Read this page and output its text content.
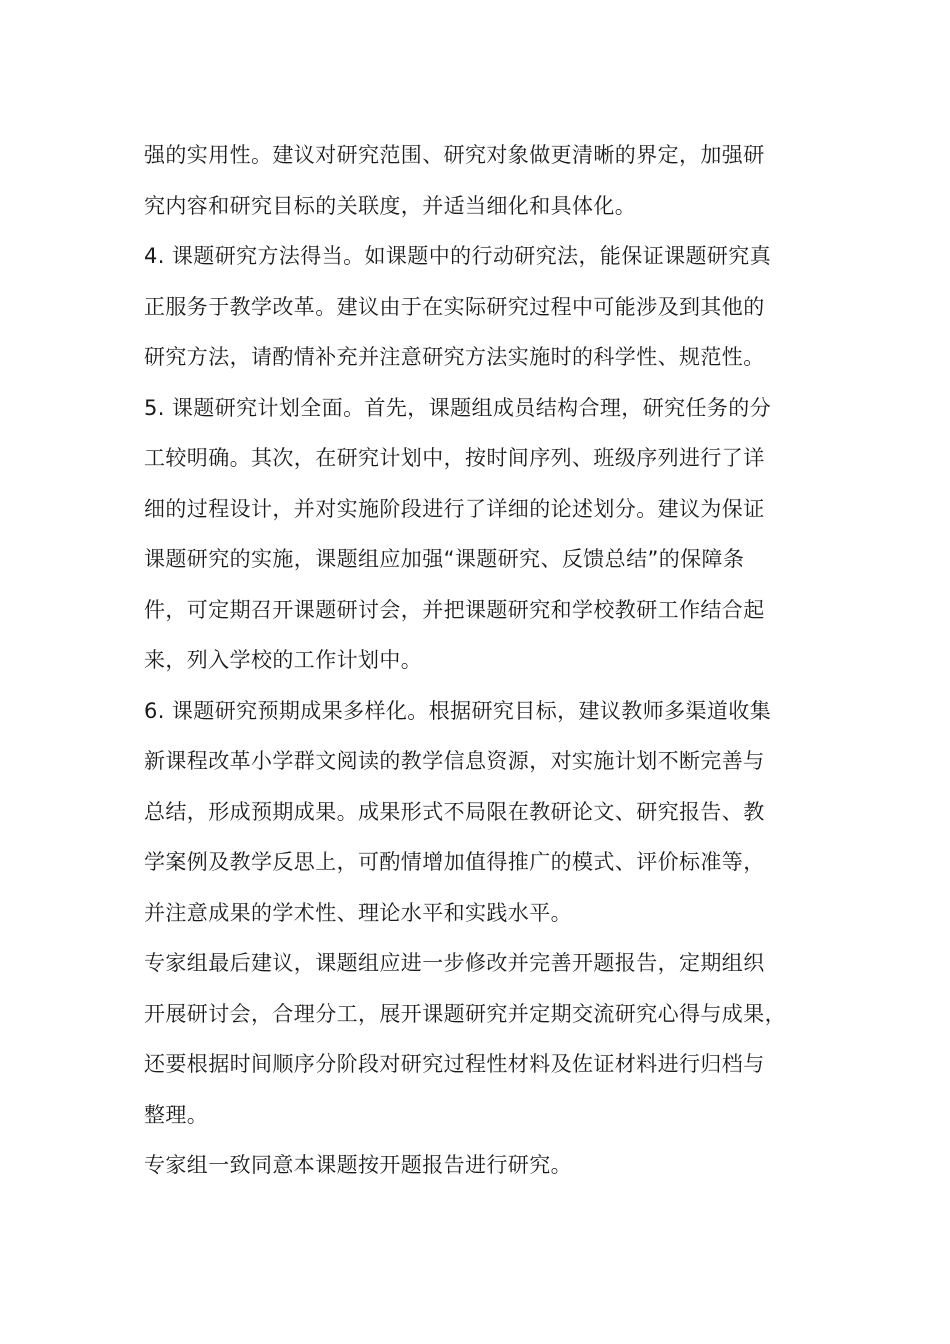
强的实用性。建议对研究范围、研究对象做更清晰的界定，加强研
究内容和研究目标的关联度，并适当细化和具体化。
4. 课题研究方法得当。如课题中的行动研究法，能保证课题研究真
正服务于教学改革。建议由于在实际研究过程中可能涉及到其他的
研究方法，请酌情补充并注意研究方法实施时的科学性、规范性。
5. 课题研究计划全面。首先，课题组成员结构合理，研究任务的分
工较明确。其次，在研究计划中，按时间序列、班级序列进行了详
细的过程设计，并对实施阶段进行了详细的论述划分。建议为保证
课题研究的实施，课题组应加强“课题研究、反馈总结”的保障条
件，可定期召开课题研讨会，并把课题研究和学校教研工作结合起
来，列入学校的工作计划中。
6. 课题研究预期成果多样化。根据研究目标，建议教师多渠道收集
新课程改革小学群文阅读的教学信息资源，对实施计划不断完善与
总结，形成预期成果。成果形式不局限在教研论文、研究报告、教
学案例及教学反思上，可酌情增加值得推广的模式、评价标准等，
并注意成果的学术性、理论水平和实践水平。
专家组最后建议，课题组应进一步修改并完善开题报告，定期组织
开展研讨会，合理分工，展开课题研究并定期交流研究心得与成果，
还要根据时间顺序分阶段对研究过程性材料及佐证材料进行归档与
整理。
专家组一致同意本课题按开题报告进行研究。
